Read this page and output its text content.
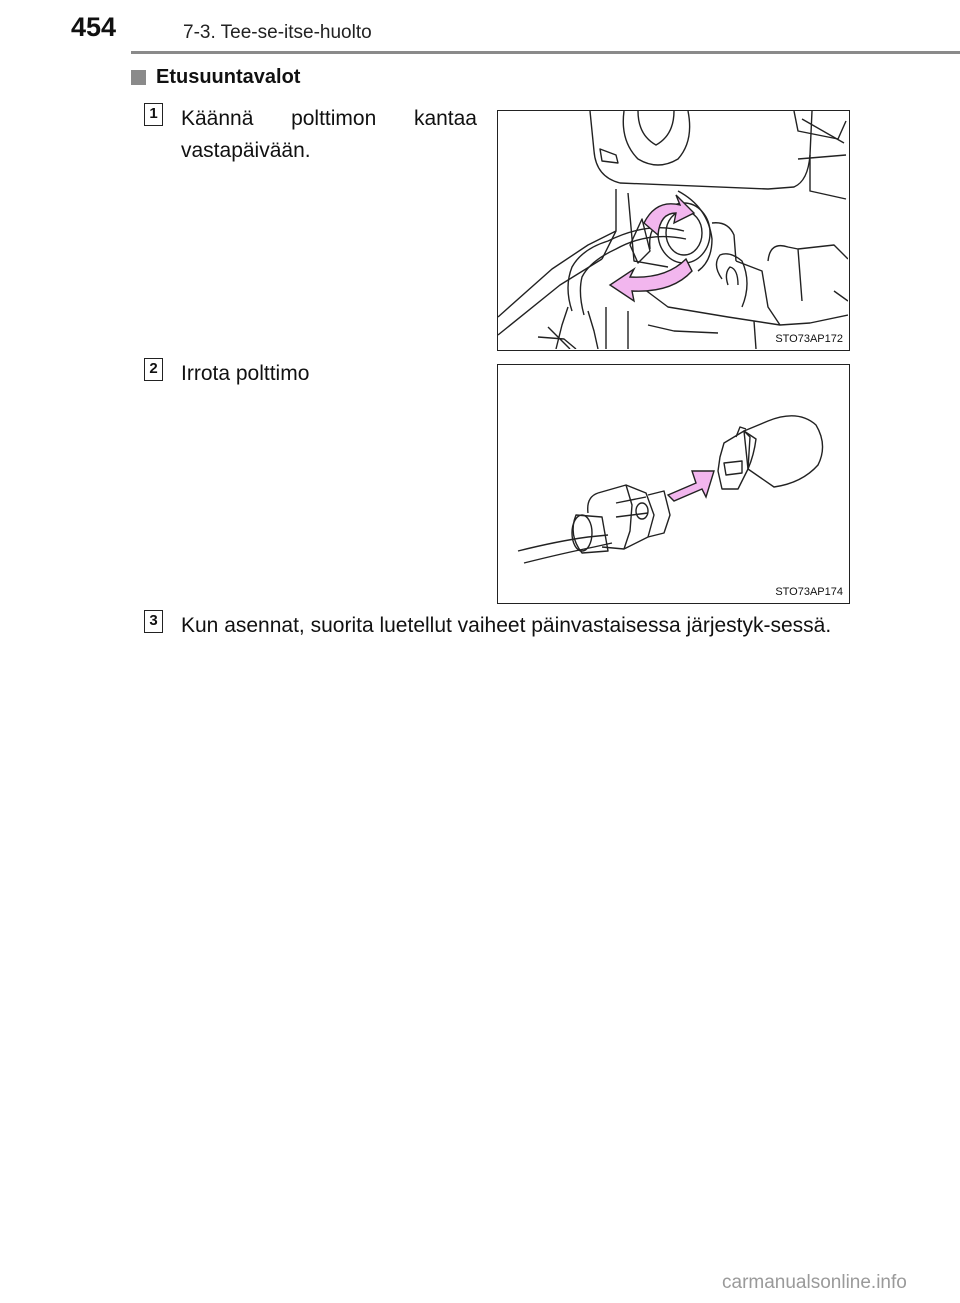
454	7-3. Tee-se-itse-huolto
Etusuuntavalot
1 Käännä polttimon kantaa vastapäivään.
STO73AP172
2 Irrota polttimo
STO73AP174
3 Kun asennat, suorita luetellut vaiheet päinvastaisessa järjestyk-sessä.
carmanualsonline.info
